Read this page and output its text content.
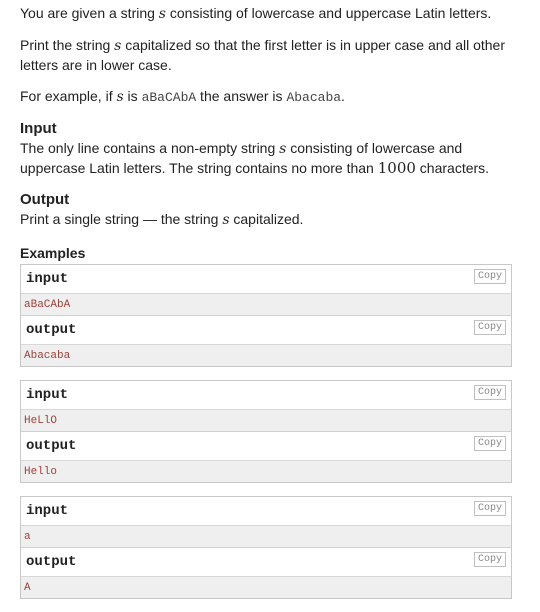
You are given a string s consisting of lowercase and uppercase Latin letters.

Print the string s capitalized so that the first letter is in upper case and all other letters are in lower case.

For example, if s is aBaCAbA the answer is Abacaba.

Input
The only line contains a non-empty string s consisting of lowercase and uppercase Latin letters. The string contains no more than 1000 characters.
Output
Print a single string — the string s capitalized.
Examples
input	Copy
aBaCAbA
output	Copy
Abacaba
input	Copy
HeLlO
output	Copy
Hello
input	Copy
a
output	Copy
A
